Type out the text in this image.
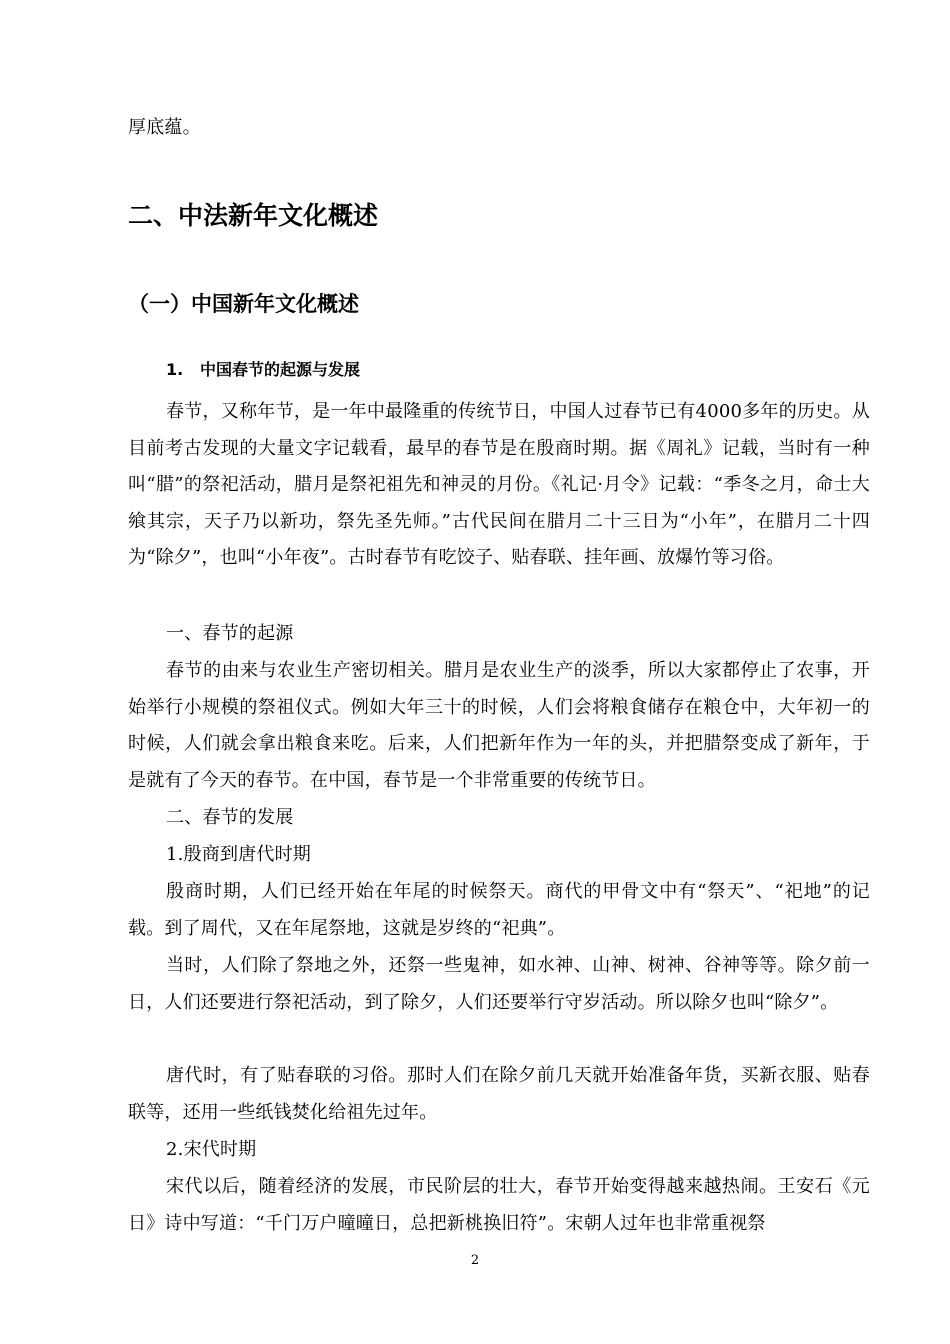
厚底蕴。

二、中法新年文化概述
（一）中国新年文化概述
1. 中国春节的起源与发展

春节，又称年节，是一年中最隆重的传统节日，中国人过春节已有4000多年的历史。从目前考古发现的大量文字记载看，最早的春节是在殷商时期。据《周礼》记载，当时有一种叫“腊”的祭祀活动，腊月是祭祀祖先和神灵的月份。《礼记·月令》记载：“季冬之月，命士大飨其宗，天子乃以新功，祭先圣先师。”古代民间在腊月二十三日为“小年”，在腊月二十四为“除夕”，也叫“小年夜”。古时春节有吃饺子、贴春联、挂年画、放爆竹等习俗。

一、春节的起源

春节的由来与农业生产密切相关。腊月是农业生产的淡季，所以大家都停止了农事，开始举行小规模的祭祖仪式。例如大年三十的时候，人们会将粮食储存在粮仓中，大年初一的时候，人们就会拿出粮食来吃。后来，人们把新年作为一年的头，并把腊祭变成了新年，于是就有了今天的春节。在中国，春节是一个非常重要的传统节日。

二、春节的发展

1.殷商到唐代时期

殷商时期，人们已经开始在年尾的时候祭天。商代的甲骨文中有“祭天”、“祀地”的记载。到了周代，又在年尾祭地，这就是岁终的“祀典”。

当时，人们除了祭地之外，还祭一些鬼神，如水神、山神、树神、谷神等等。除夕前一日，人们还要进行祭祀活动，到了除夕，人们还要举行守岁活动。所以除夕也叫“除夕”。

唐代时，有了贴春联的习俗。那时人们在除夕前几天就开始准备年货，买新衣服、贴春联等，还用一些纸钱焚化给祖先过年。

2.宋代时期

宋代以后，随着经济的发展，市民阶层的壮大，春节开始变得越来越热闹。王安石《元日》诗中写道：“千门万户曈曈日，总把新桃换旧符”。宋朝人过年也非常重视祭

2
